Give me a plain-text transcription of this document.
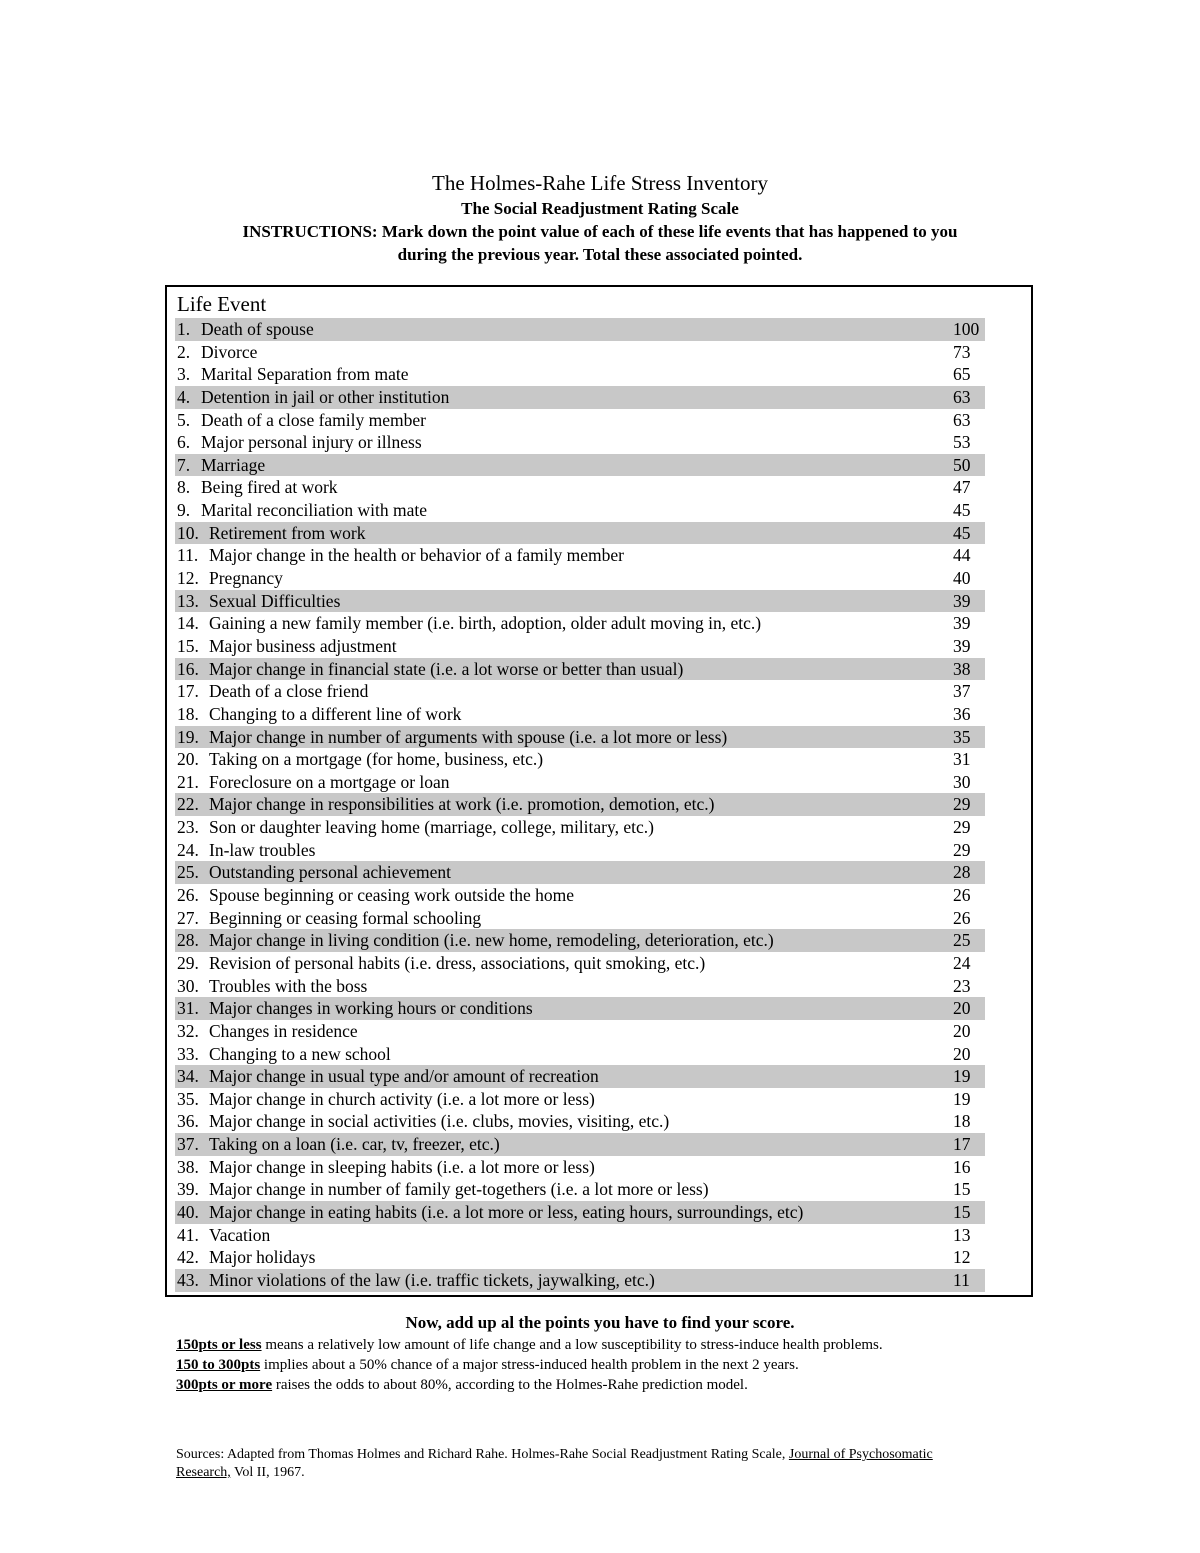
The Holmes-Rahe Life Stress Inventory
The Social Readjustment Rating Scale
INSTRUCTIONS: Mark down the point value of each of these life events that has happened to you
during the previous year. Total these associated pointed.
Life Event
1. Death of spouse	100
2. Divorce	73
3. Marital Separation from mate	65
4. Detention in jail or other institution	63
5. Death of a close family member	63
6. Major personal injury or illness	53
7. Marriage	50
8. Being fired at work	47
9. Marital reconciliation with mate	45
10. Retirement from work	45
11. Major change in the health or behavior of a family member	44
12. Pregnancy	40
13. Sexual Difficulties	39
14. Gaining a new family member (i.e. birth, adoption, older adult moving in, etc.)	39
15. Major business adjustment	39
16. Major change in financial state (i.e. a lot worse or better than usual)	38
17. Death of a close friend	37
18. Changing to a different line of work	36
19. Major change in number of arguments with spouse (i.e. a lot more or less)	35
20. Taking on a mortgage (for home, business, etc.)	31
21. Foreclosure on a mortgage or loan	30
22. Major change in responsibilities at work (i.e. promotion, demotion, etc.)	29
23. Son or daughter leaving home (marriage, college, military, etc.)	29
24. In-law troubles	29
25. Outstanding personal achievement	28
26. Spouse beginning or ceasing work outside the home	26
27. Beginning or ceasing formal schooling	26
28. Major change in living condition (i.e. new home, remodeling, deterioration, etc.)	25
29. Revision of personal habits (i.e. dress, associations, quit smoking, etc.)	24
30. Troubles with the boss	23
31. Major changes in working hours or conditions	20
32. Changes in residence	20
33. Changing to a new school	20
34. Major change in usual type and/or amount of recreation	19
35. Major change in church activity (i.e. a lot more or less)	19
36. Major change in social activities (i.e. clubs, movies, visiting, etc.)	18
37. Taking on a loan (i.e. car, tv, freezer, etc.)	17
38. Major change in sleeping habits (i.e. a lot more or less)	16
39. Major change in number of family get-togethers (i.e. a lot more or less)	15
40. Major change in eating habits (i.e. a lot more or less, eating hours, surroundings, etc)	15
41. Vacation	13
42. Major holidays	12
43. Minor violations of the law (i.e. traffic tickets, jaywalking, etc.)	11
Now, add up al the points you have to find your score.
150pts or less means a relatively low amount of life change and a low susceptibility to stress-induce health problems.
150 to 300pts implies about a 50% chance of a major stress-induced health problem in the next 2 years.
300pts or more raises the odds to about 80%, according to the Holmes-Rahe prediction model.
Sources: Adapted from Thomas Holmes and Richard Rahe. Holmes-Rahe Social Readjustment Rating Scale, Journal of Psychosomatic Research, Vol II, 1967.
